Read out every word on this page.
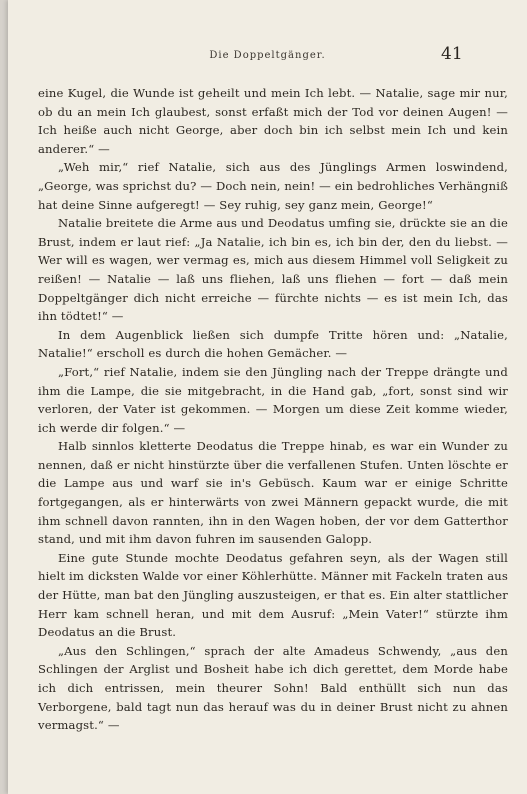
Die Doppeltgänger.	41

eine Kugel, die Wunde ist geheilt und mein Ich lebt. — Natalie, sage mir nur, ob du an mein Ich glaubest, sonst erfaßt mich der Tod vor deinen Augen! — Ich heiße auch nicht George, aber doch bin ich selbst mein Ich und kein anderer.“ —

„Weh mir,“ rief Natalie, sich aus des Jünglings Armen loswindend, „George, was sprichst du? — Doch nein, nein! — ein bedrohliches Verhängniß hat deine Sinne aufgeregt! — Sey ruhig, sey ganz mein, George!“

Natalie breitete die Arme aus und Deodatus umfing sie, drückte sie an die Brust, indem er laut rief: „Ja Natalie, ich bin es, ich bin der, den du liebst. — Wer will es wagen, wer vermag es, mich aus diesem Himmel voll Seligkeit zu reißen! — Natalie — laß uns fliehen, laß uns fliehen — fort — daß mein Doppeltgänger dich nicht erreiche — fürchte nichts — es ist mein Ich, das ihn tödtet!“ —

In dem Augenblick ließen sich dumpfe Tritte hören und: „Natalie, Natalie!“ erscholl es durch die hohen Gemächer. —

„Fort,“ rief Natalie, indem sie den Jüngling nach der Treppe drängte und ihm die Lampe, die sie mitgebracht, in die Hand gab, „fort, sonst sind wir verloren, der Vater ist gekommen. — Morgen um diese Zeit komme wieder, ich werde dir folgen.“ —

Halb sinnlos kletterte Deodatus die Treppe hinab, es war ein Wunder zu nennen, daß er nicht hinstürzte über die verfallenen Stufen. Unten löschte er die Lampe aus und warf sie in's Gebüsch. Kaum war er einige Schritte fortgegangen, als er hinterwärts von zwei Männern gepackt wurde, die mit ihm schnell davon rannten, ihn in den Wagen hoben, der vor dem Gatterthor stand, und mit ihm davon fuhren im sausenden Galopp.

Eine gute Stunde mochte Deodatus gefahren seyn, als der Wagen still hielt im dicksten Walde vor einer Köhlerhütte. Männer mit Fackeln traten aus der Hütte, man bat den Jüngling auszusteigen, er that es. Ein alter stattlicher Herr kam schnell heran, und mit dem Ausruf: „Mein Vater!“ stürzte ihm Deodatus an die Brust.

„Aus den Schlingen,“ sprach der alte Amadeus Schwendy, „aus den Schlingen der Arglist und Bosheit habe ich dich gerettet, dem Morde habe ich dich entrissen, mein theurer Sohn! Bald enthüllt sich nun das Verborgene, bald tagt nun das herauf was du in deiner Brust nicht zu ahnen vermagst.“ —
